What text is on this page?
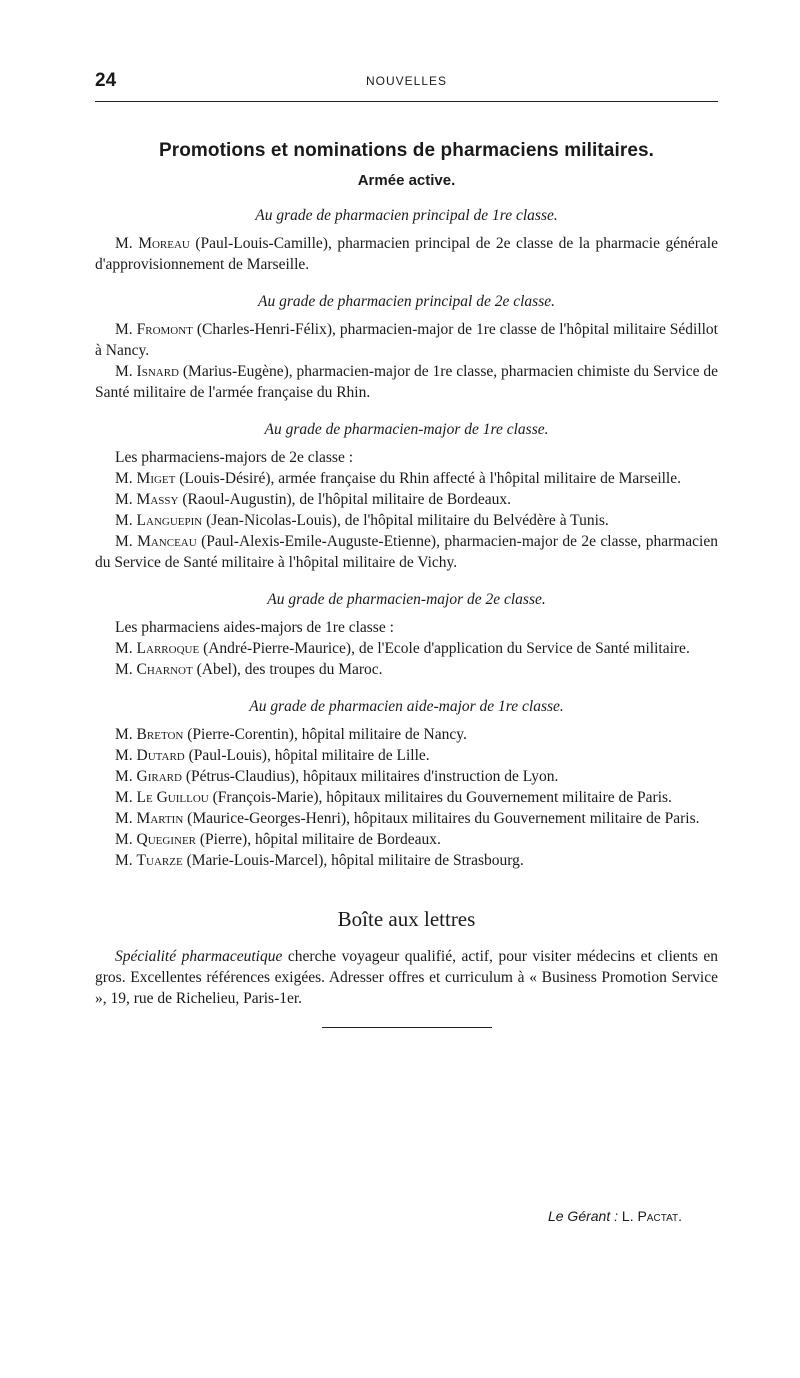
24	NOUVELLES
Promotions et nominations de pharmaciens militaires.
Armée active.
Au grade de pharmacien principal de 1re classe.

M. Moreau (Paul-Louis-Camille), pharmacien principal de 2e classe de la pharmacie générale d'approvisionnement de Marseille.

Au grade de pharmacien principal de 2e classe.

M. Fromont (Charles-Henri-Félix), pharmacien-major de 1re classe de l'hôpital militaire Sédillot à Nancy.

M. Isnard (Marius-Eugène), pharmacien-major de 1re classe, pharmacien chimiste du Service de Santé militaire de l'armée française du Rhin.

Au grade de pharmacien-major de 1re classe.

Les pharmaciens-majors de 2e classe :

M. Miget (Louis-Désiré), armée française du Rhin affecté à l'hôpital militaire de Marseille.

M. Massy (Raoul-Augustin), de l'hôpital militaire de Bordeaux.

M. Languepin (Jean-Nicolas-Louis), de l'hôpital militaire du Belvédère à Tunis.

M. Manceau (Paul-Alexis-Emile-Auguste-Etienne), pharmacien-major de 2e classe, pharmacien du Service de Santé militaire à l'hôpital militaire de Vichy.

Au grade de pharmacien-major de 2e classe.

Les pharmaciens aides-majors de 1re classe :

M. Larroque (André-Pierre-Maurice), de l'Ecole d'application du Service de Santé militaire.

M. Charnot (Abel), des troupes du Maroc.

Au grade de pharmacien aide-major de 1re classe.

M. Breton (Pierre-Corentin), hôpital militaire de Nancy.

M. Dutard (Paul-Louis), hôpital militaire de Lille.

M. Girard (Pétrus-Claudius), hôpitaux militaires d'instruction de Lyon.

M. Le Guillou (François-Marie), hôpitaux militaires du Gouvernement militaire de Paris.

M. Martin (Maurice-Georges-Henri), hôpitaux militaires du Gouvernement militaire de Paris.

M. Queginer (Pierre), hôpital militaire de Bordeaux.

M. Tuarze (Marie-Louis-Marcel), hôpital militaire de Strasbourg.

Boîte aux lettres

Spécialité pharmaceutique cherche voyageur qualifié, actif, pour visiter médecins et clients en gros. Excellentes références exigées. Adresser offres et curriculum à « Business Promotion Service », 19, rue de Richelieu, Paris-1er.

Le Gérant : L. Pactat.
